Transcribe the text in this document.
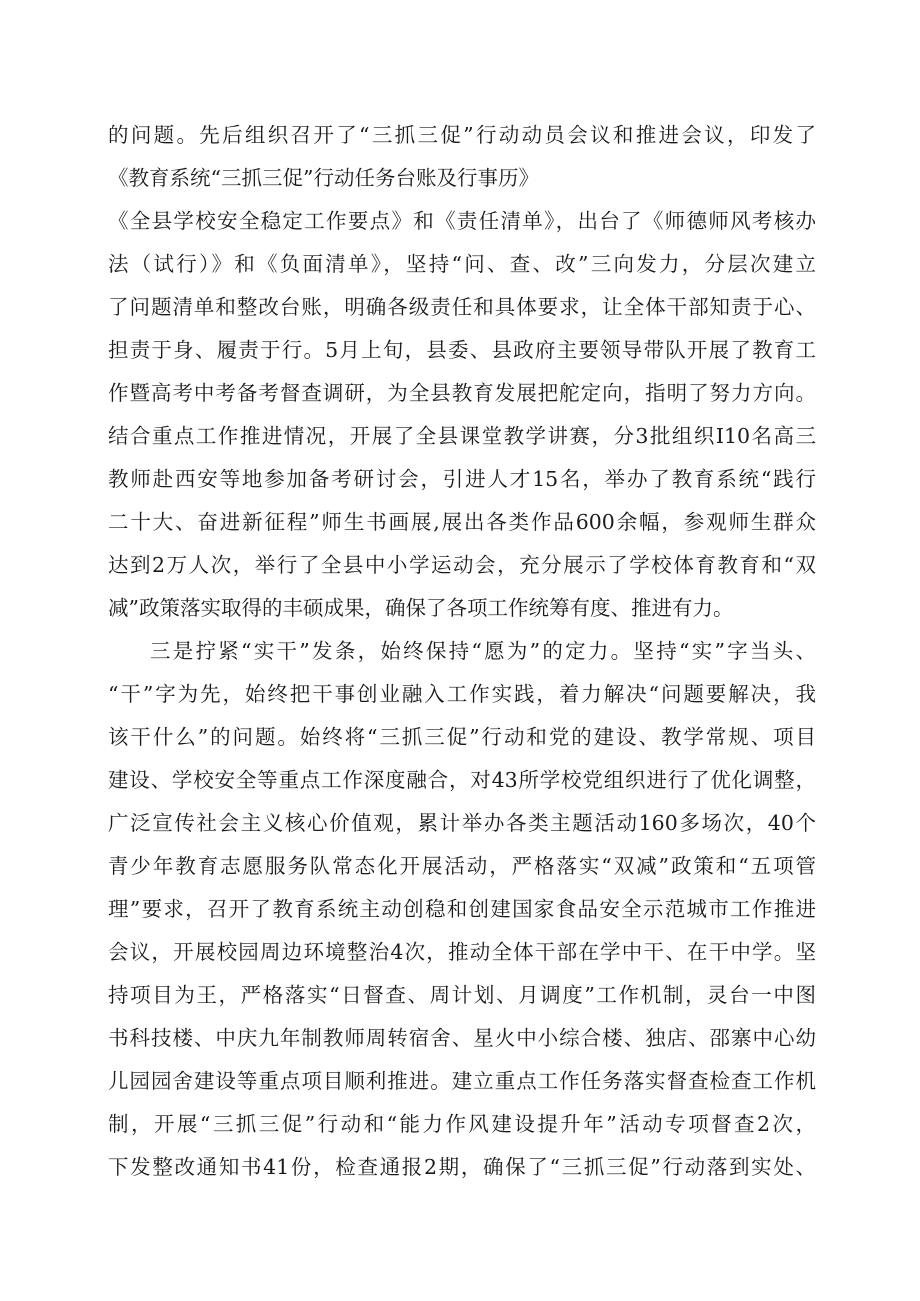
的问题。先后组织召开了“三抓三促”行动动员会议和推进会议，印发了
《教育系统“三抓三促”行动任务台账及行事历》
《全县学校安全稳定工作要点》和《责任清单》，出台了《师德师风考核办
法（试行）》和《负面清单》，坚持“问、查、改”三向发力，分层次建立
了问题清单和整改台账，明确各级责任和具体要求，让全体干部知责于心、
担责于身、履责于行。5月上旬，县委、县政府主要领导带队开展了教育工
作暨高考中考备考督查调研，为全县教育发展把舵定向，指明了努力方向。
结合重点工作推进情况，开展了全县课堂教学讲赛，分3批组织I10名高三
教师赴西安等地参加备考研讨会，引进人才15名，举办了教育系统“践行
二十大、奋进新征程”师生书画展,展出各类作品600余幅，参观师生群众
达到2万人次，举行了全县中小学运动会，充分展示了学校体育教育和“双
减”政策落实取得的丰硕成果，确保了各项工作统筹有度、推进有力。
三是拧紧“实干”发条，始终保持“愿为”的定力。坚持“实”字当头、
“干”字为先，始终把干事创业融入工作实践，着力解决“问题要解决，我
该干什么”的问题。始终将“三抓三促”行动和党的建设、教学常规、项目
建设、学校安全等重点工作深度融合，对43所学校党组织进行了优化调整，
广泛宣传社会主义核心价值观，累计举办各类主题活动160多场次，40个
青少年教育志愿服务队常态化开展活动，严格落实“双减”政策和“五项管
理”要求，召开了教育系统主动创稳和创建国家食品安全示范城市工作推进
会议，开展校园周边环境整治4次，推动全体干部在学中干、在干中学。坚
持项目为王，严格落实“日督查、周计划、月调度”工作机制，灵台一中图
书科技楼、中庆九年制教师周转宿舍、星火中小综合楼、独店、邵寨中心幼
儿园园舍建设等重点项目顺利推进。建立重点工作任务落实督查检查工作机
制，开展“三抓三促”行动和“能力作风建设提升年”活动专项督查2次，
下发整改通知书41份，检查通报2期，确保了“三抓三促”行动落到实处、
